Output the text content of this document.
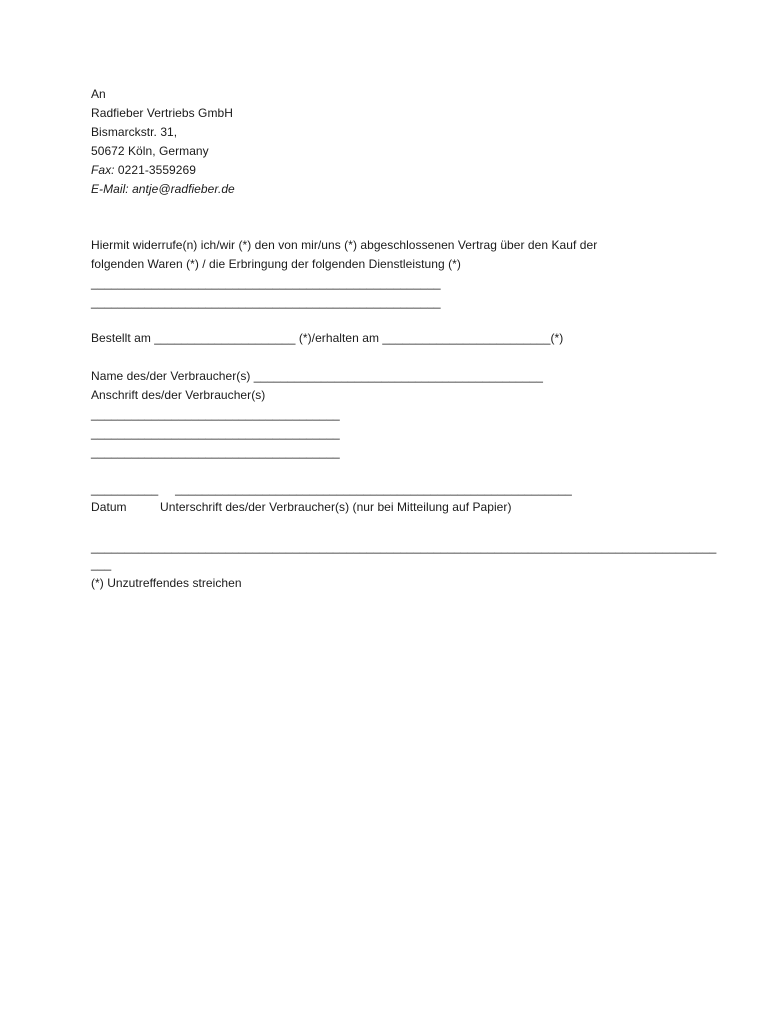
An
Radfieber Vertriebs GmbH
Bismarckstr. 31,
50672 Köln, Germany
Fax: 0221-3559269
E-Mail: antje@radfieber.de
Hiermit widerrufe(n) ich/wir (*) den von mir/uns (*) abgeschlossenen Vertrag über den Kauf der
folgenden Waren (*) / die Erbringung der folgenden Dienstleistung (*)
____________________________________________________
____________________________________________________
Bestellt am _____________________ (*)/erhalten am _________________________(*)
Name des/der Verbraucher(s) ___________________________________________
Anschrift des/der Verbraucher(s)
_____________________________________
_____________________________________
_____________________________________
__________     ___________________________________________________________
Datum	Unterschrift des/der Verbraucher(s) (nur bei Mitteilung auf Papier)
_____________________________________________________________________________________________
___
(*) Unzutreffendes streichen
